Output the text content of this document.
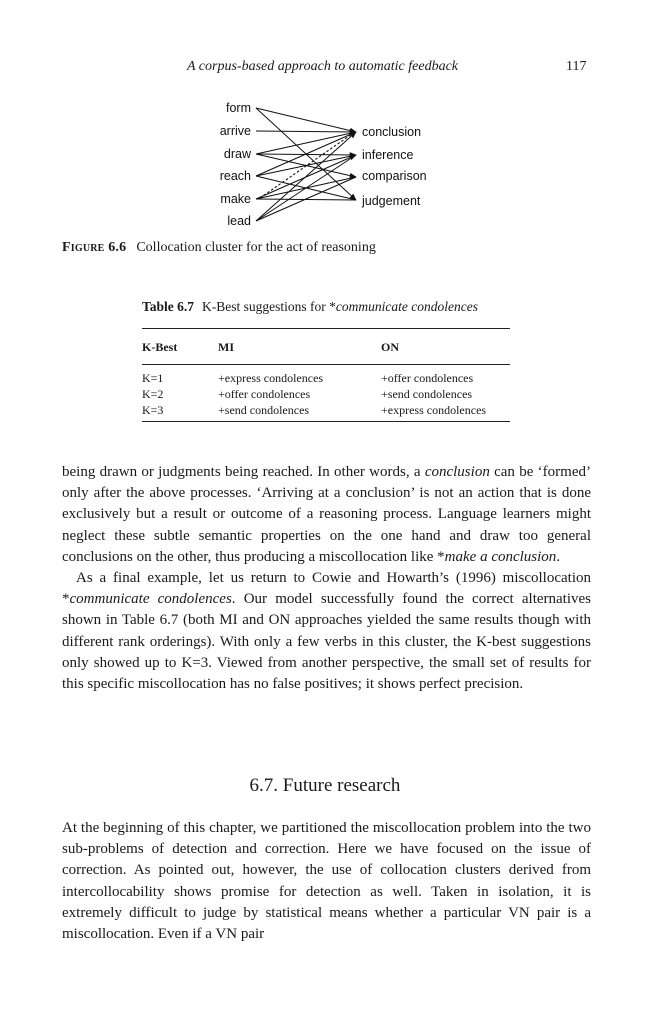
A corpus-based approach to automatic feedback	117
form
arrive
draw
reach
make
lead
conclusion
inference
comparison
judgement
Figure 6.6 Collocation cluster for the act of reasoning
Table 6.7 K-Best suggestions for *communicate condolences
K-Best	MI	ON
K=1	+express condolences	+offer condolences
K=2	+offer condolences	+send condolences
K=3	+send condolences	+express condolences

being drawn or judgments being reached. In other words, a conclusion can be ‘formed’ only after the above processes. ‘Arriving at a conclusion’ is not an action that is done exclusively but a result or outcome of a reasoning process. Language learners might neglect these subtle semantic properties on the one hand and draw too general conclusions on the other, thus producing a miscollocation like *make a conclusion.

As a final example, let us return to Cowie and Howarth’s (1996) miscollocation *communicate condolences. Our model successfully found the correct alternatives shown in Table 6.7 (both MI and ON approaches yielded the same results though with different rank orderings). With only a few verbs in this cluster, the K-best suggestions only showed up to K=3. Viewed from another perspective, the small set of results for this specific miscollocation has no false positives; it shows perfect precision.

6.7. Future research

At the beginning of this chapter, we partitioned the miscollocation problem into the two sub-problems of detection and correction. Here we have focused on the issue of correction. As pointed out, however, the use of collocation clusters derived from intercollocability shows promise for detection as well. Taken in isolation, it is extremely difficult to judge by statistical means whether a particular VN pair is a miscollocation. Even if a VN pair
